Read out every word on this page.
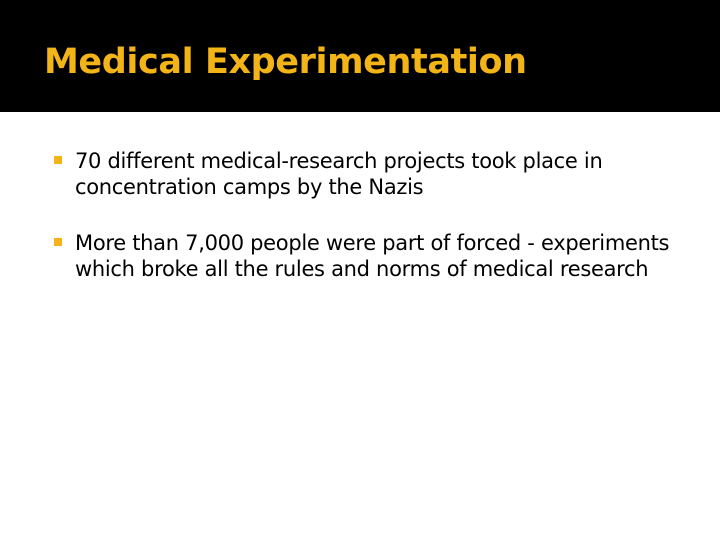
Medical Experimentation
70 different medical-research projects took place in concentration camps by the Nazis
More than 7,000 people were part of forced - experiments which broke all the rules and norms of medical research
